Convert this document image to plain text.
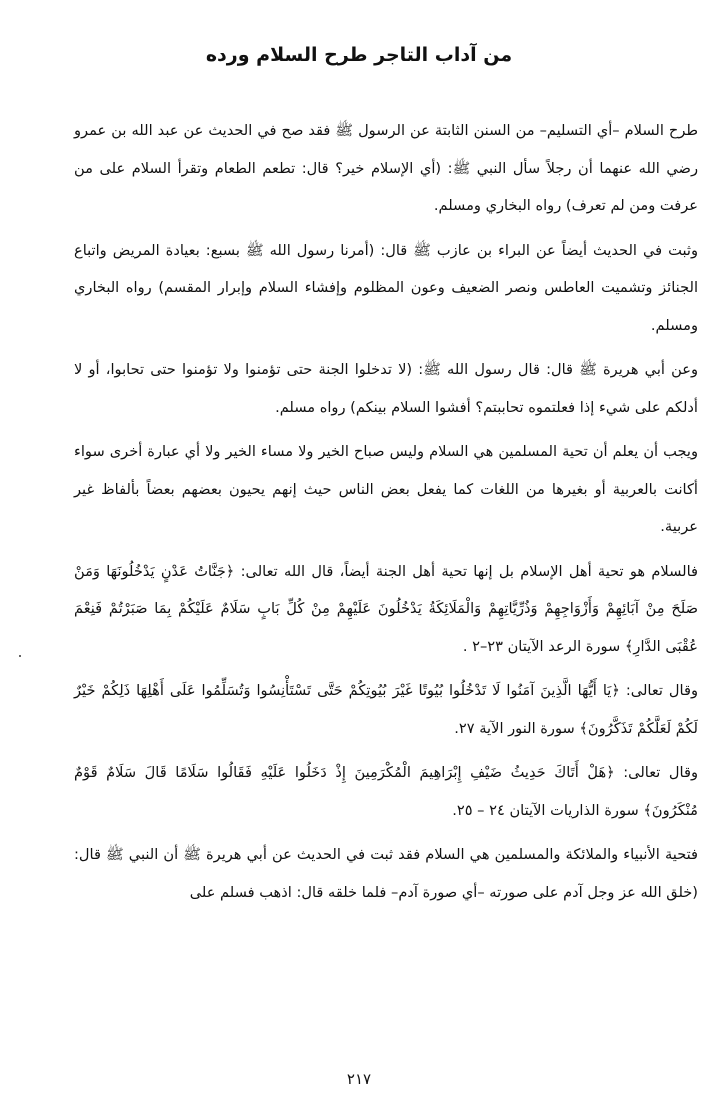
من آداب التاجر طرح السلام ورده

طرح السلام –أي التسليم– من السنن الثابتة عن الرسول ﷺ فقد صح في الحديث عن عبد الله بن عمرو رضي الله عنهما أن رجلاً سأل النبي ﷺ: (أي الإسلام خير؟ قال: تطعم الطعام وتقرأ السلام على من عرفت ومن لم تعرف) رواه البخاري ومسلم.

وثبت في الحديث أيضاً عن البراء بن عازب ﷺ قال: (أمرنا رسول الله ﷺ بسبع: بعيادة المريض واتباع الجنائز وتشميت العاطس ونصر الضعيف وعون المظلوم وإفشاء السلام وإبرار المقسم) رواه البخاري ومسلم.

وعن أبي هريرة ﷺ قال: قال رسول الله ﷺ: (لا تدخلوا الجنة حتى تؤمنوا ولا تؤمنوا حتى تحابوا، أو لا أدلكم على شيء إذا فعلتموه تحاببتم؟ أفشوا السلام بينكم) رواه مسلم.

ويجب أن يعلم أن تحية المسلمين هي السلام وليس صباح الخير ولا مساء الخير ولا أي عبارة أخرى سواء أكانت بالعربية أو بغيرها من اللغات كما يفعل بعض الناس حيث إنهم يحيون بعضهم بعضاً بألفاظ غير عربية.

فالسلام هو تحية أهل الإسلام بل إنها تحية أهل الجنة أيضاً، قال الله تعالى: ﴿جَنَّاتُ عَدْنٍ يَدْخُلُونَهَا وَمَنْ صَلَحَ مِنْ آبَائِهِمْ وَأَزْوَاجِهِمْ وَذُرِّيَّاتِهِمْ وَالْمَلَائِكَةُ يَدْخُلُونَ عَلَيْهِمْ مِنْ كُلِّ بَابٍ سَلَامٌ عَلَيْكُمْ بِمَا صَبَرْتُمْ فَنِعْمَ عُقْبَى الدَّارِ﴾ سورة الرعد الآيتان ٢٣–٢ .

وقال تعالى: ﴿يَا أَيُّهَا الَّذِينَ آمَنُوا لَا تَدْخُلُوا بُيُوتًا غَيْرَ بُيُوتِكُمْ حَتَّى تَسْتَأْنِسُوا وَتُسَلِّمُوا عَلَى أَهْلِهَا ذَلِكُمْ خَيْرٌ لَكُمْ لَعَلَّكُمْ تَذَكَّرُونَ﴾ سورة النور الآية ٢٧.

وقال تعالى: ﴿هَلْ أَتَاكَ حَدِيثُ ضَيْفِ إِبْرَاهِيمَ الْمُكْرَمِينَ إِذْ دَخَلُوا عَلَيْهِ فَقَالُوا سَلَامًا قَالَ سَلَامٌ قَوْمٌ مُنْكَرُونَ﴾ سورة الذاريات الآيتان ٢٤ – ٢٥.

فتحية الأنبياء والملائكة والمسلمين هي السلام فقد ثبت في الحديث عن أبي هريرة ﷺ أن النبي ﷺ قال: (خلق الله عز وجل آدم على صورته –أي صورة آدم– فلما خلقه قال: اذهب فسلم على

٢١٧
